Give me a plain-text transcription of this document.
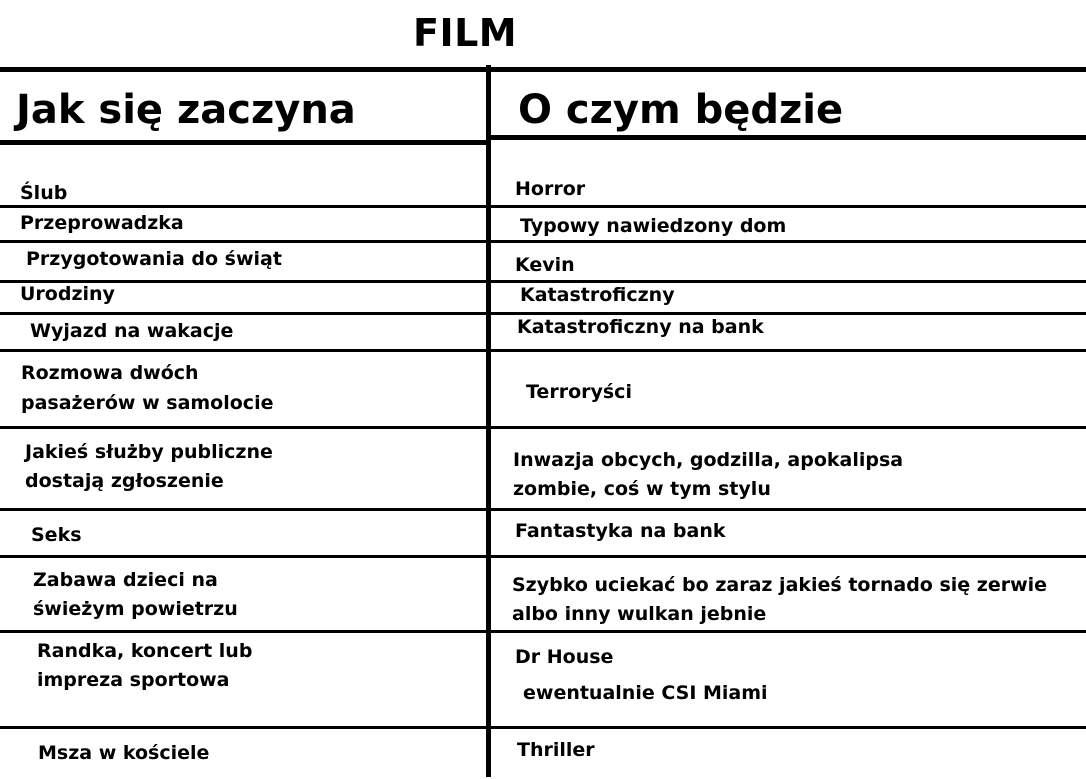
FILM
Jak się zaczyna	O czym będzie
Ślub
Przeprowadzka
Przygotowania do świąt
Urodziny
Wyjazd na wakacje
Rozmowa dwóch
pasażerów w samolocie
Jakieś służby publiczne
dostają zgłoszenie
Seks
Zabawa dzieci na
świeżym powietrzu
Randka, koncert lub
impreza sportowa
Msza w kościele
Horror
Typowy nawiedzony dom
Kevin
Katastroficzny
Katastroficzny na bank
Terroryści
Inwazja obcych, godzilla, apokalipsa
zombie, coś w tym stylu
Fantastyka na bank
Szybko uciekać bo zaraz jakieś tornado się zerwie
albo inny wulkan jebnie
Dr House
ewentualnie CSI Miami
Thriller
